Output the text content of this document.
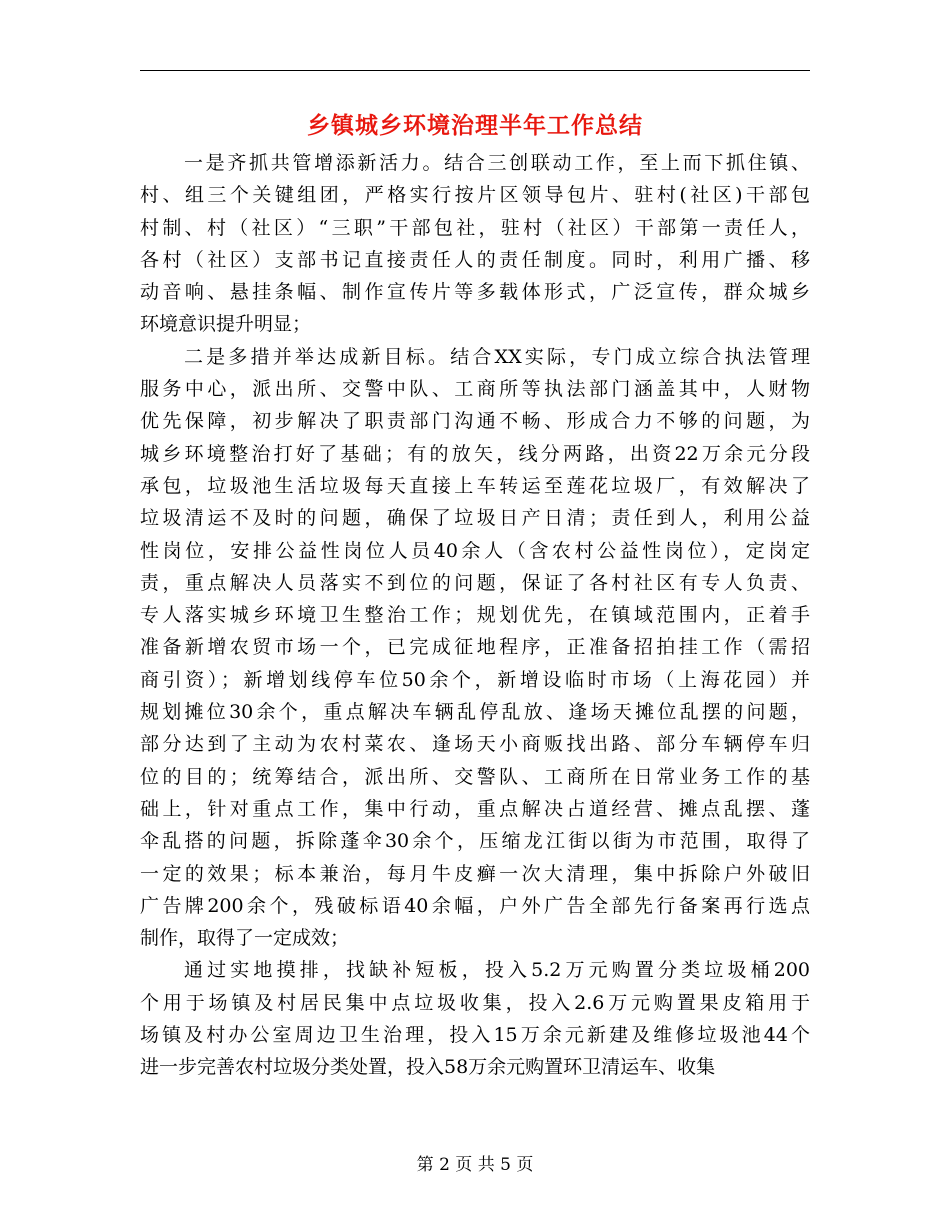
乡镇城乡环境治理半年工作总结
一是齐抓共管增添新活力。结合三创联动工作，至上而下抓住镇、
村、组三个关键组团，严格实行按片区领导包片、驻村(社区)干部包
村制、村（社区）“三职”干部包社，驻村（社区）干部第一责任人，
各村（社区）支部书记直接责任人的责任制度。同时，利用广播、移
动音响、悬挂条幅、制作宣传片等多载体形式，广泛宣传，群众城乡
环境意识提升明显；
二是多措并举达成新目标。结合XX实际，专门成立综合执法管理
服务中心，派出所、交警中队、工商所等执法部门涵盖其中，人财物
优先保障，初步解决了职责部门沟通不畅、形成合力不够的问题，为
城乡环境整治打好了基础；有的放矢，线分两路，出资22万余元分段
承包，垃圾池生活垃圾每天直接上车转运至莲花垃圾厂，有效解决了
垃圾清运不及时的问题，确保了垃圾日产日清；责任到人，利用公益
性岗位，安排公益性岗位人员40余人（含农村公益性岗位），定岗定
责，重点解决人员落实不到位的问题，保证了各村社区有专人负责、
专人落实城乡环境卫生整治工作；规划优先，在镇域范围内，正着手
准备新增农贸市场一个，已完成征地程序，正准备招拍挂工作（需招
商引资）；新增划线停车位50余个，新增设临时市场（上海花园）并
规划摊位30余个，重点解决车辆乱停乱放、逢场天摊位乱摆的问题，
部分达到了主动为农村菜农、逢场天小商贩找出路、部分车辆停车归
位的目的；统筹结合，派出所、交警队、工商所在日常业务工作的基
础上，针对重点工作，集中行动，重点解决占道经营、摊点乱摆、蓬
伞乱搭的问题，拆除蓬伞30余个，压缩龙江街以街为市范围，取得了
一定的效果；标本兼治，每月牛皮癣一次大清理，集中拆除户外破旧
广告牌200余个，残破标语40余幅，户外广告全部先行备案再行选点
制作，取得了一定成效；
通过实地摸排，找缺补短板，投入5.2万元购置分类垃圾桶200
个用于场镇及村居民集中点垃圾收集，投入2.6万元购置果皮箱用于
场镇及村办公室周边卫生治理，投入15万余元新建及维修垃圾池44个
进一步完善农村垃圾分类处置，投入58万余元购置环卫清运车、收集
第 2 页 共 5 页
